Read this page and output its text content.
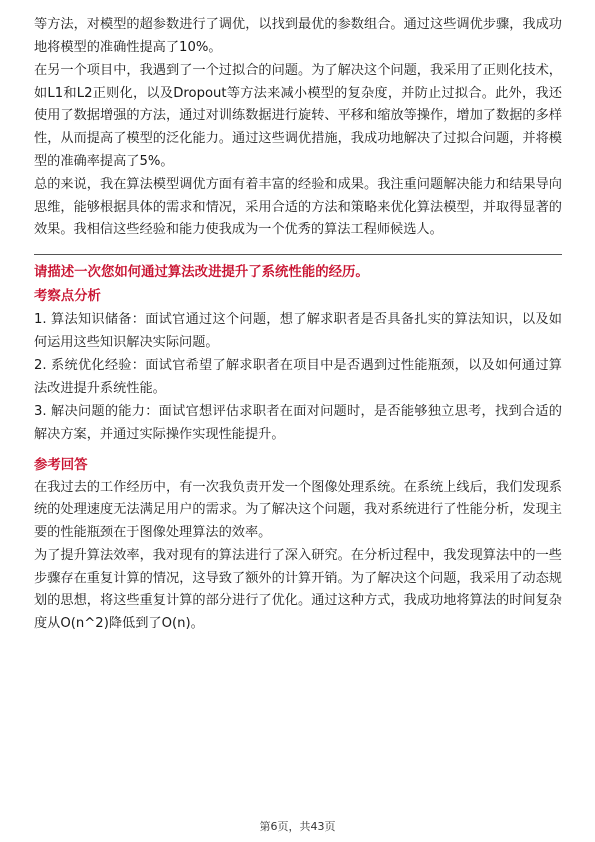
等方法，对模型的超参数进行了调优，以找到最优的参数组合。通过这些调优步骤，我成功地将模型的准确性提高了10%。

在另一个项目中，我遇到了一个过拟合的问题。为了解决这个问题，我采用了正则化技术，如L1和L2正则化，以及Dropout等方法来减小模型的复杂度，并防止过拟合。此外，我还使用了数据增强的方法，通过对训练数据进行旋转、平移和缩放等操作，增加了数据的多样性，从而提高了模型的泛化能力。通过这些调优措施，我成功地解决了过拟合问题，并将模型的准确率提高了5%。

总的来说，我在算法模型调优方面有着丰富的经验和成果。我注重问题解决能力和结果导向思维，能够根据具体的需求和情况，采用合适的方法和策略来优化算法模型，并取得显著的效果。我相信这些经验和能力使我成为一个优秀的算法工程师候选人。

请描述一次您如何通过算法改进提升了系统性能的经历。
考察点分析

1. 算法知识储备：面试官通过这个问题，想了解求职者是否具备扎实的算法知识，以及如何运用这些知识解决实际问题。

2. 系统优化经验：面试官希望了解求职者在项目中是否遇到过性能瓶颈，以及如何通过算法改进提升系统性能。

3. 解决问题的能力：面试官想评估求职者在面对问题时，是否能够独立思考，找到合适的解决方案，并通过实际操作实现性能提升。

参考回答

在我过去的工作经历中，有一次我负责开发一个图像处理系统。在系统上线后，我们发现系统的处理速度无法满足用户的需求。为了解决这个问题，我对系统进行了性能分析，发现主要的性能瓶颈在于图像处理算法的效率。

为了提升算法效率，我对现有的算法进行了深入研究。在分析过程中，我发现算法中的一些步骤存在重复计算的情况，这导致了额外的计算开销。为了解决这个问题，我采用了动态规划的思想，将这些重复计算的部分进行了优化。通过这种方式，我成功地将算法的时间复杂度从O(n^2)降低到了O(n)。

第6页，共43页
